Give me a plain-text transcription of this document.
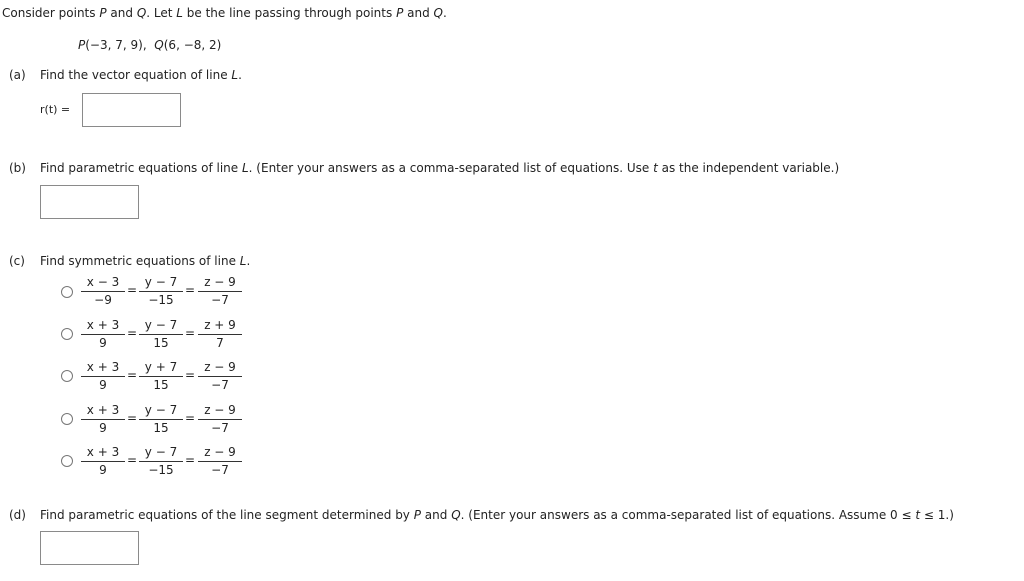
Consider points P and Q. Let L be the line passing through points P and Q.
P(−3, 7, 9), Q(6, −8, 2)
(a) Find the vector equation of line L.
r(t) =
(b) Find parametric equations of line L. (Enter your answers as a comma-separated list of equations. Use t as the independent variable.)
(c) Find symmetric equations of line L.
x − 3
−9
=
y − 7
−15
=
z − 9
−7
x + 3
9
=
y − 7
15
=
z + 9
7
x + 3
9
=
y + 7
15
=
z − 9
−7
x + 3
9
=
y − 7
15
=
z − 9
−7
x + 3
9
=
y − 7
−15
=
z − 9
−7
(d) Find parametric equations of the line segment determined by P and Q. (Enter your answers as a comma-separated list of equations. Assume 0 ≤ t ≤ 1.)
